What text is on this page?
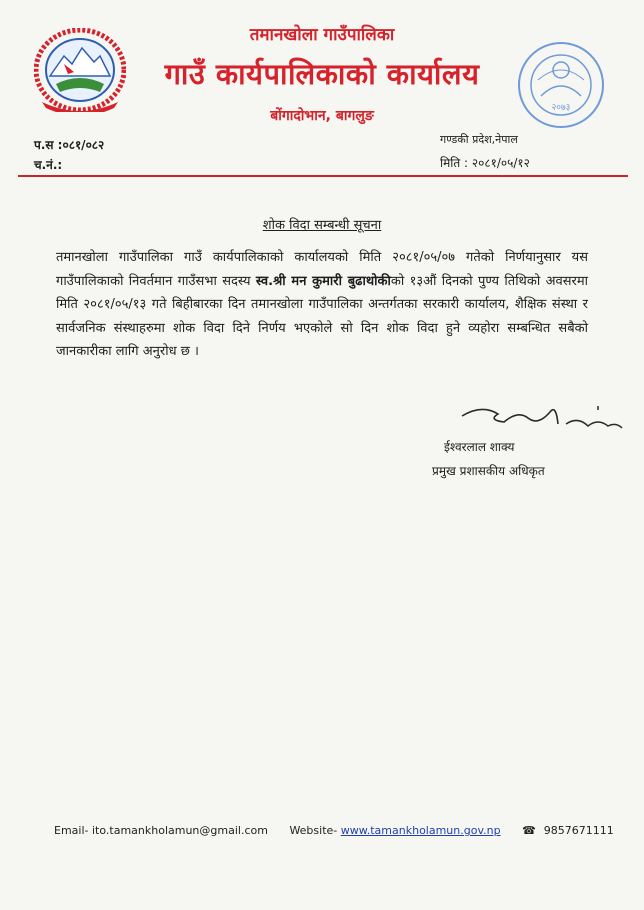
तमानखोला गाउँपालिका
गाउँ कार्यपालिकाको कार्यालय
बोंगादोभान, बागलुङ	२०७३
प.स :०८१/०८२
च.नं.:
गण्डकी प्रदेश,नेपाल
मिति : २०८१/०५/१२
शोक विदा सम्बन्धी सूचना
तमानखोला गाउँपालिका गाउँ कार्यपालिकाको कार्यालयको मिति २०८१/०५/०७ गतेको निर्णयानुसार यस गाउँपालिकाको निवर्तमान गाउँसभा सदस्य स्व.श्री मन कुमारी बुढाथोकीको १३औं दिनको पुण्य तिथिको अवसरमा मिति २०८१/०५/१३ गते बिहीबारका दिन तमानखोला गाउँपालिका अन्तर्गतका सरकारी कार्यालय, शैक्षिक संस्था र सार्वजनिक संस्थाहरुमा शोक विदा दिने निर्णय भएकोले सो दिन शोक विदा हुने व्यहोरा सम्बन्धित सबैको जानकारीका लागि अनुरोध छ ।
ईश्वरलाल शाक्य
प्रमुख प्रशासकीय अधिकृत
Email- ito.tamankholamun@gmail.com Website- www.tamankholamun.gov.np ☎ 9857671111
